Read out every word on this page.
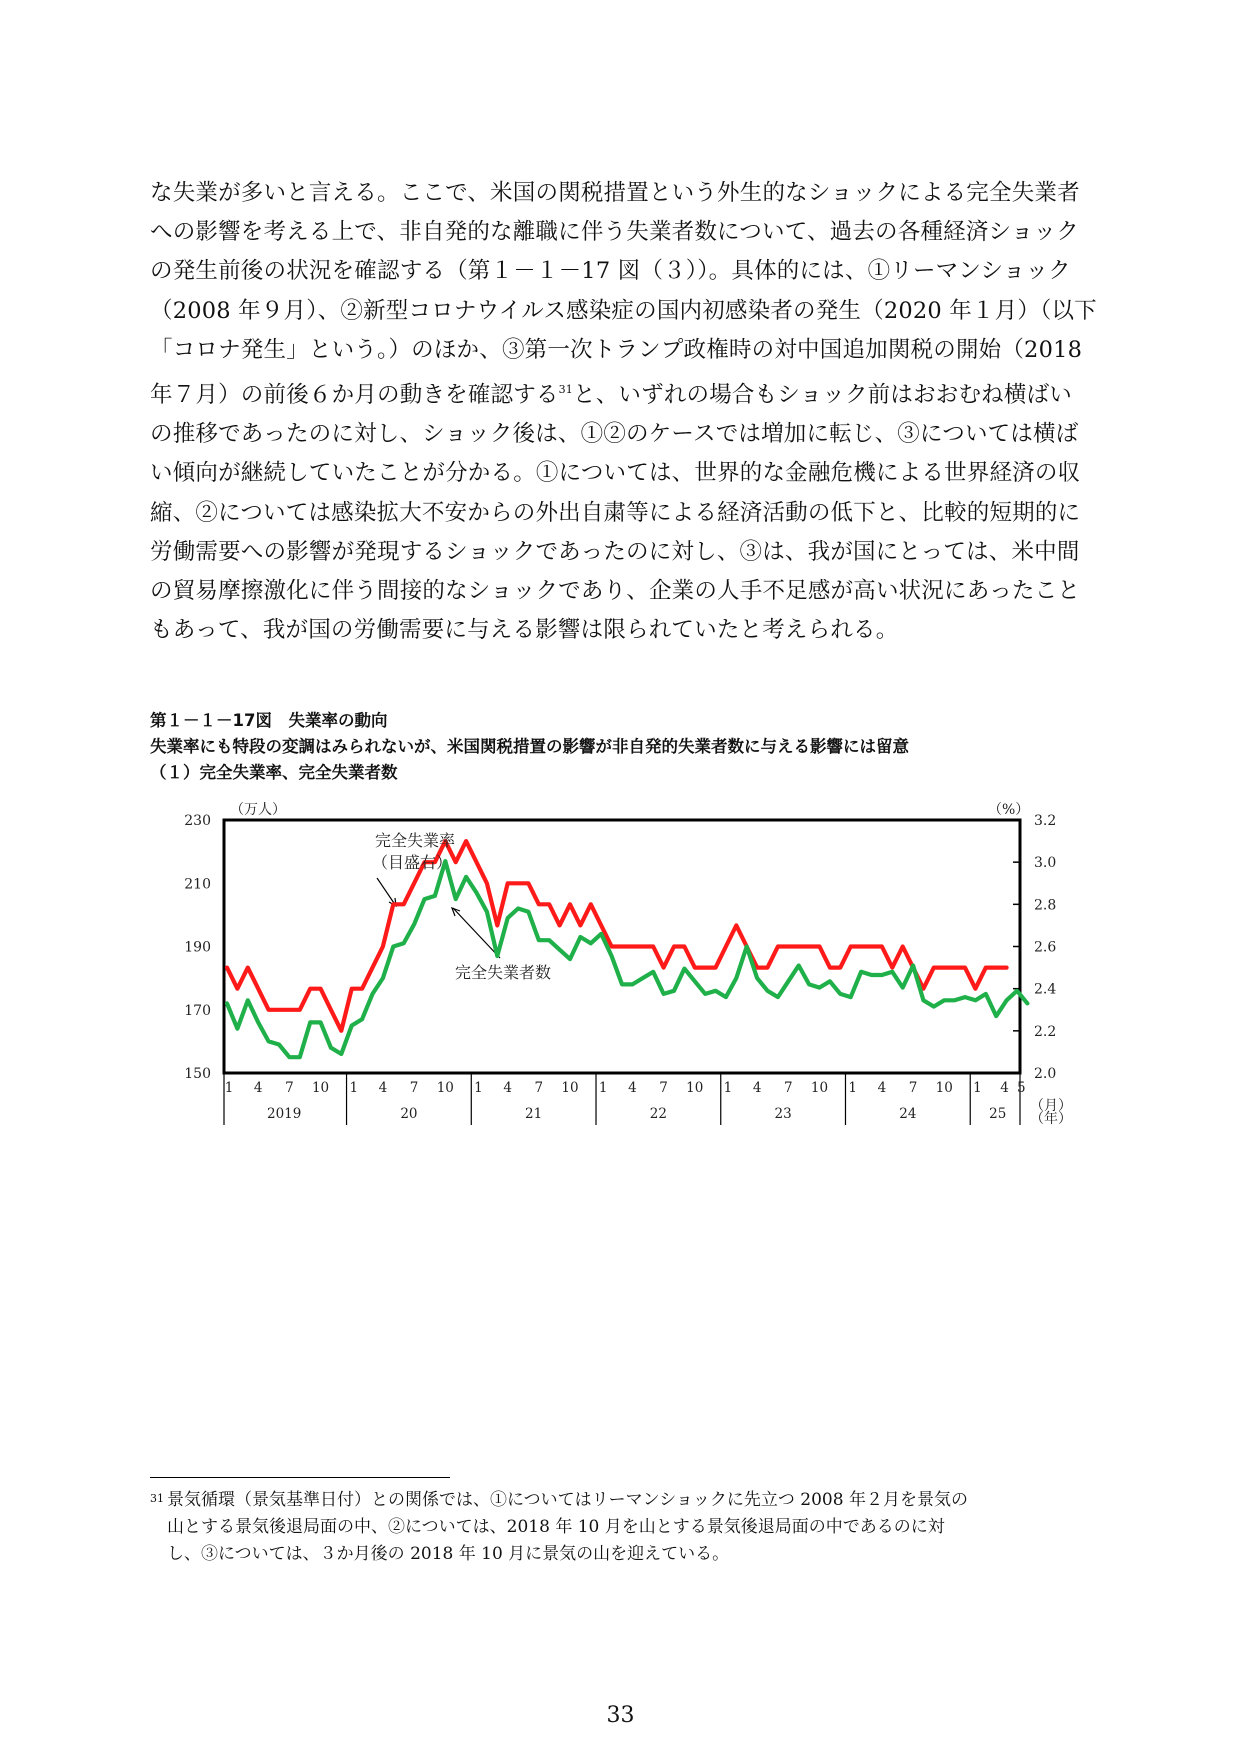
な失業が多いと言える。ここで、米国の関税措置という外生的なショックによる完全失業者

への影響を考える上で、非自発的な離職に伴う失業者数について、過去の各種経済ショック

の発生前後の状況を確認する（第１－１－17 図（３））。具体的には、①リーマンショック

（2008 年９月）、②新型コロナウイルス感染症の国内初感染者の発生（2020 年１月）（以下

「コロナ発生」という。）のほか、③第一次トランプ政権時の対中国追加関税の開始（2018

年７月）の前後６か月の動きを確認する$^{31}$と、いずれの場合もショック前はおおむね横ばい

の推移であったのに対し、ショック後は、①②のケースでは増加に転じ、③については横ば

い傾向が継続していたことが分かる。①については、世界的な金融危機による世界経済の収

縮、②については感染拡大不安からの外出自粛等による経済活動の低下と、比較的短期的に

労働需要への影響が発現するショックであったのに対し、③は、我が国にとっては、米中間

の貿易摩擦激化に伴う間接的なショックであり、企業の人手不足感が高い状況にあったこと

もあって、我が国の労働需要に与える影響は限られていたと考えられる。

第１－１－17図　失業率の動向
失業率にも特段の変調はみられないが、米国関税措置の影響が非自発的失業者数に与える影響には留意
（１）完全失業率、完全失業者数
230
210
190
170
150
3.2
3.0
2.8
2.6
2.4
2.2
2.0
（万人）	（%）
1 4 7 10 1 4 7 10 1 4 7 10 1 4 7 10 1 4 7 10 1 4 7 10 1 4 5
（月）
2019	20	21	22	23	24	25 （年）
完全失業率
（目盛右）
完全失業者数
31 景気循環（景気基準日付）との関係では、①についてはリーマンショックに先立つ 2008 年２月を景気の
山とする景気後退局面の中、②については、2018 年 10 月を山とする景気後退局面の中であるのに対
し、③については、３か月後の 2018 年 10 月に景気の山を迎えている。
33
